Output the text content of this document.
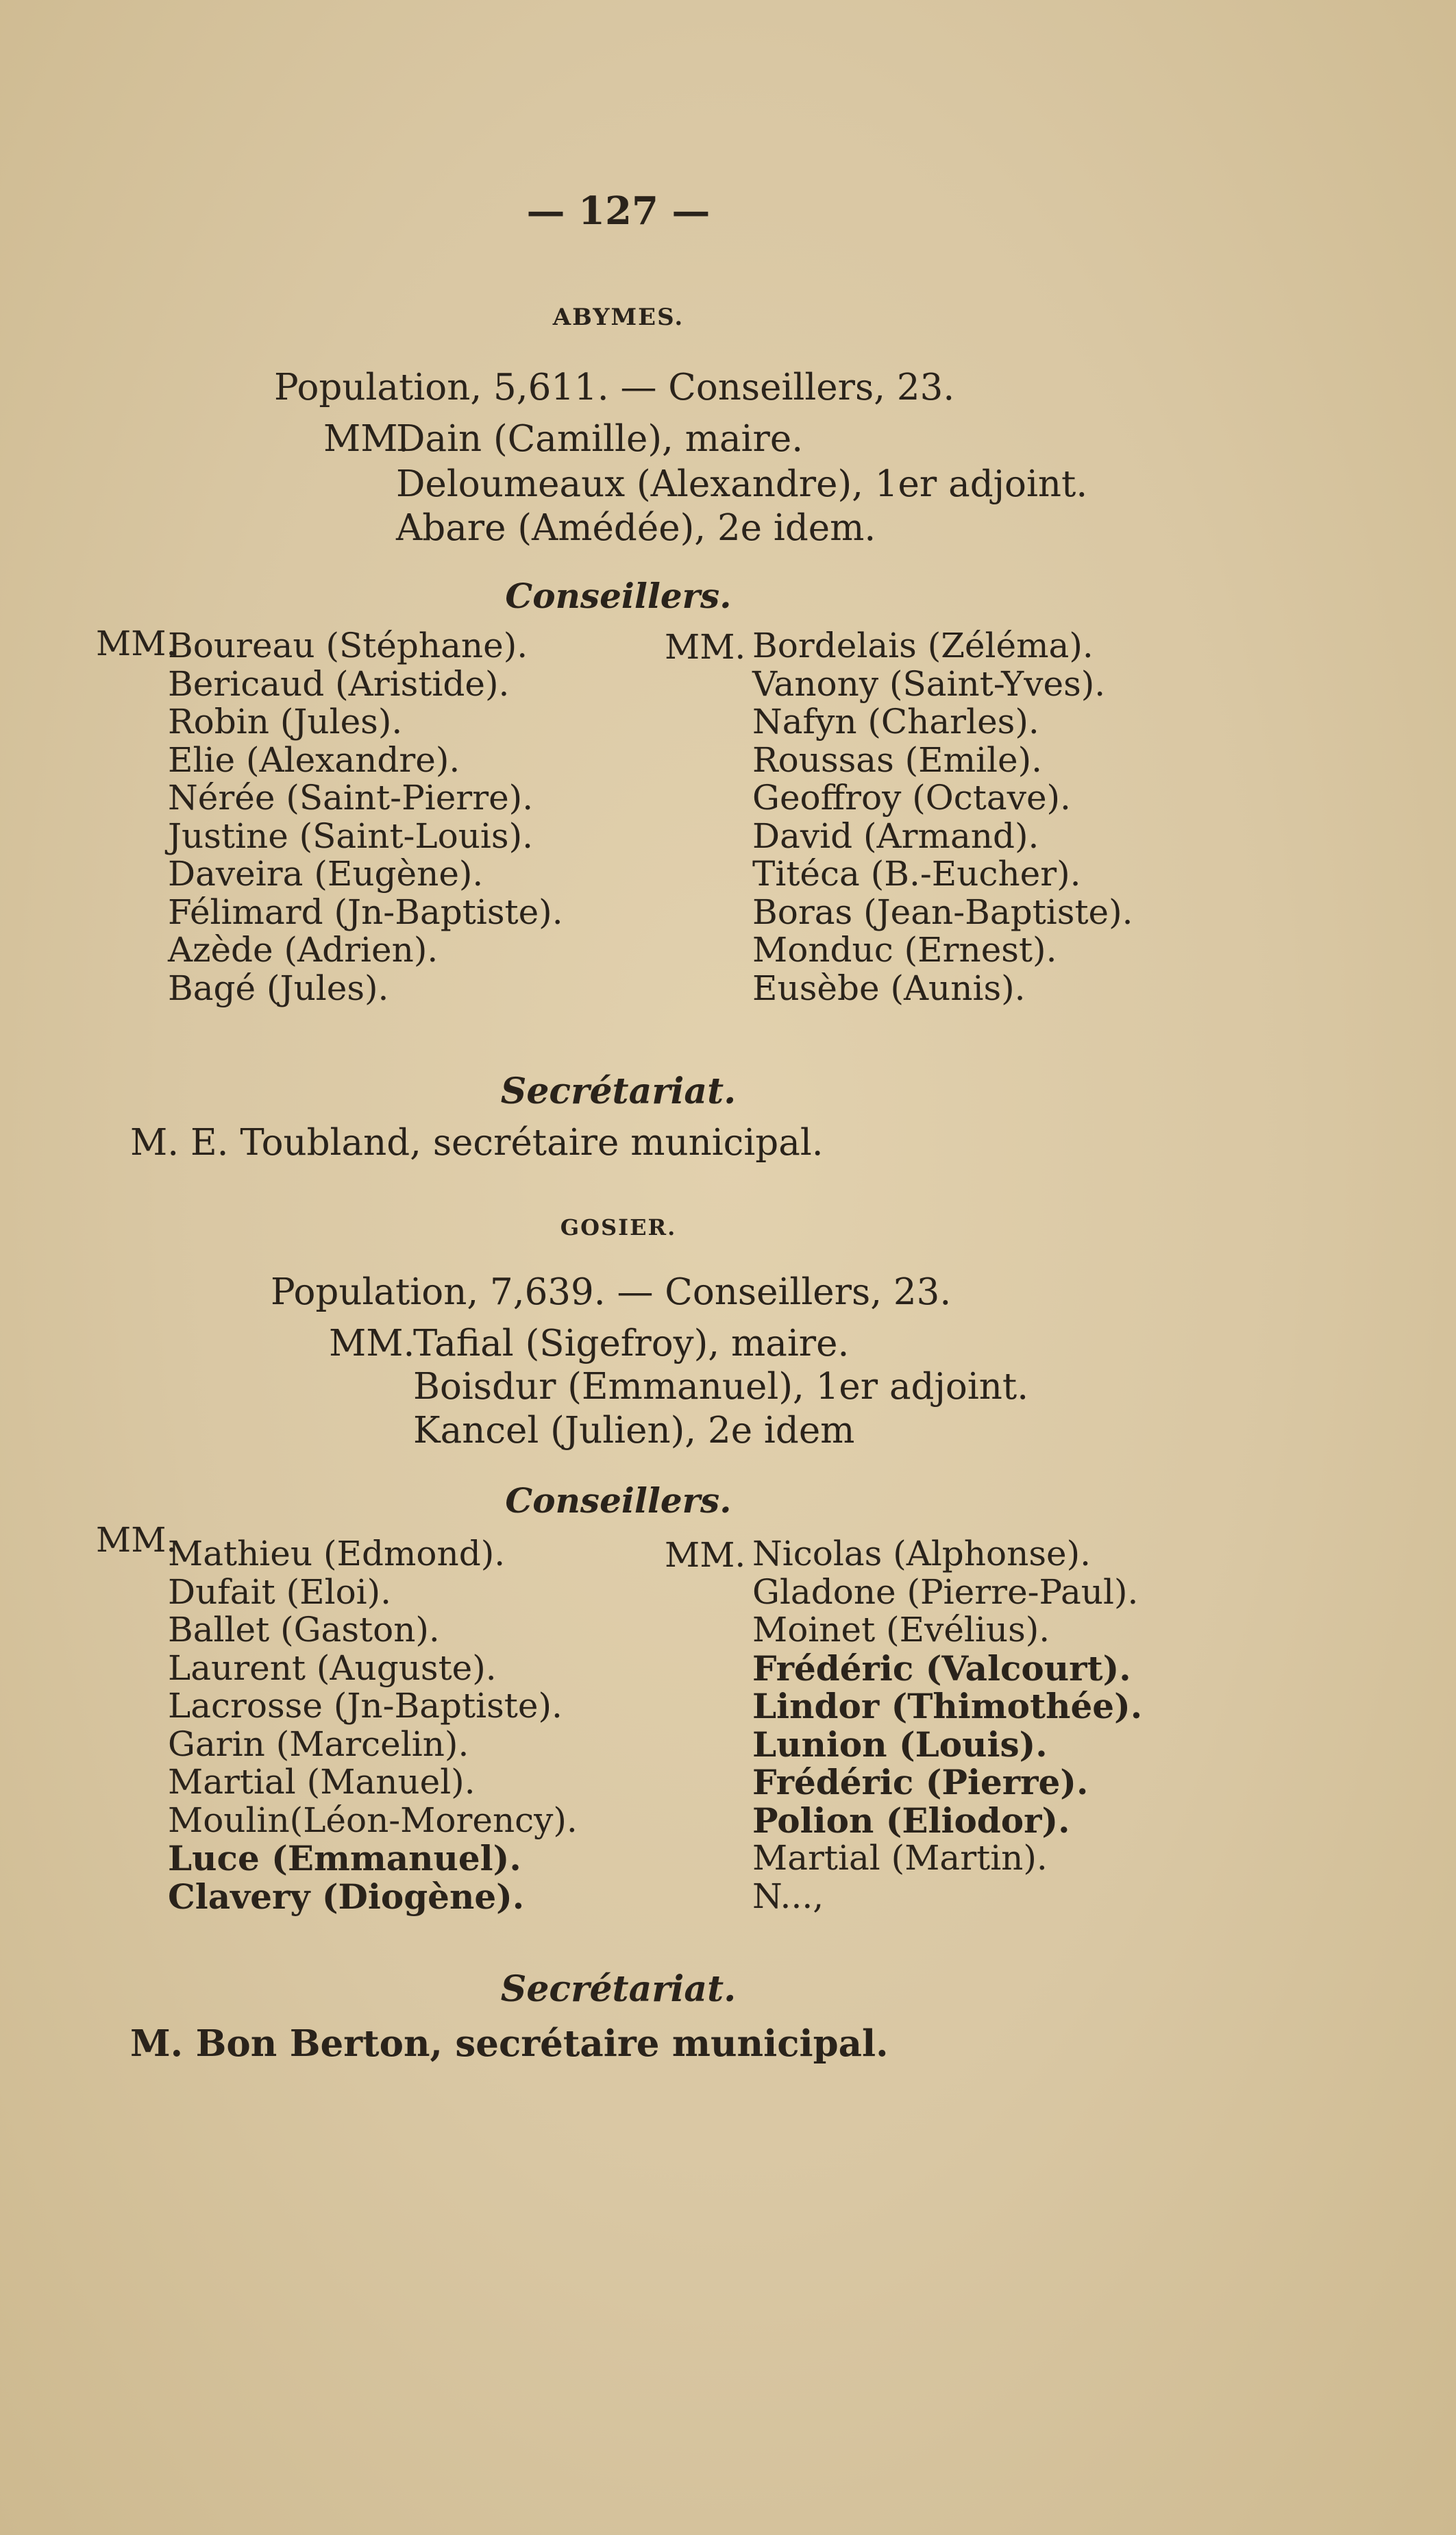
— 127 —
ABYMES.
Population, 5,611. — Conseillers, 23.
MM.
Dain (Camille), maire.
Deloumeaux (Alexandre), 1er adjoint.
Abare (Amédée), 2e idem.
Conseillers.
MM.
Boureau (Stéphane).
Bericaud (Aristide).
Robin (Jules).
Elie (Alexandre).
Nérée (Saint-Pierre).
Justine (Saint-Louis).
Daveira (Eugène).
Félimard (Jn-Baptiste).
Azède (Adrien).
Bagé (Jules).
MM. Bordelais (Zéléma).
Vanony (Saint-Yves).
Nafyn (Charles).
Roussas (Emile).
Geoffroy (Octave).
David (Armand).
Titéca (B.-Eucher).
Boras (Jean-Baptiste).
Monduc (Ernest).
Eusèbe (Aunis).
Secrétariat.
M. E. Toubland, secrétaire municipal.
GOSIER.
Population, 7,639. — Conseillers, 23.
MM.
Tafial (Sigefroy), maire.
Boisdur (Emmanuel), 1er adjoint.
Kancel (Julien), 2e idem
Conseillers.
MM.
Mathieu (Edmond).
Dufait (Eloi).
Ballet (Gaston).
Laurent (Auguste).
Lacrosse (Jn-Baptiste).
Garin (Marcelin).
Martial (Manuel).
Moulin(Léon-Morency).
Luce (Emmanuel).
Clavery (Diogène).
MM. Nicolas (Alphonse).
Gladone (Pierre-Paul).
Moinet (Evélius).
Frédéric (Valcourt).
Lindor (Thimothée).
Lunion (Louis).
Frédéric (Pierre).
Polion (Eliodor).
Martial (Martin).
N...,
Secrétariat.
M. Bon Berton, secrétaire municipal.
